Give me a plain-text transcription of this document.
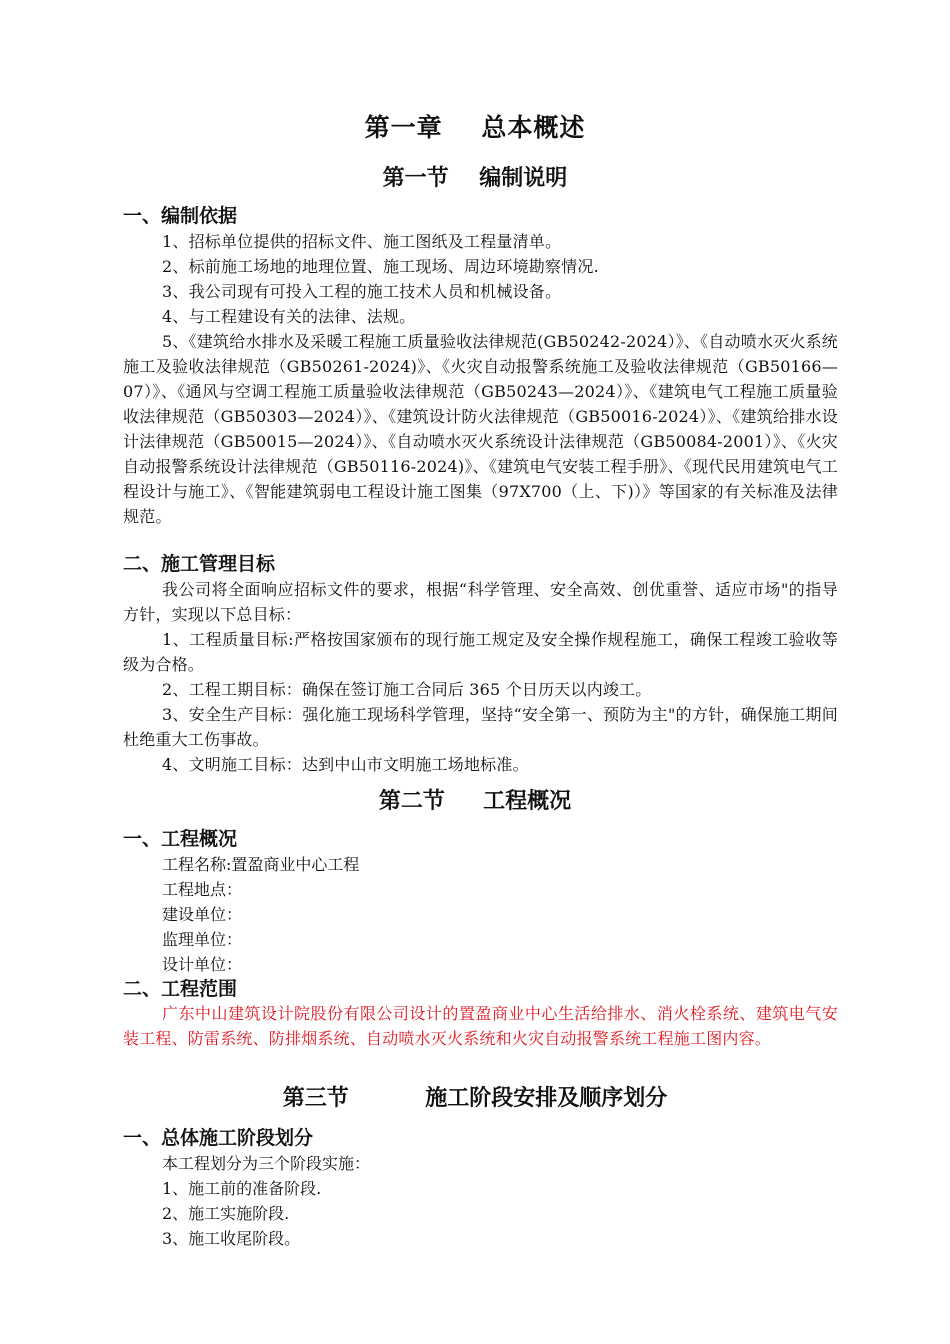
第一章    总本概述
第一节    编制说明
一、编制依据
1、招标单位提供的招标文件、施工图纸及工程量清单。
2、标前施工场地的地理位置、施工现场、周边环境勘察情况.
3、我公司现有可投入工程的施工技术人员和机械设备。
4、与工程建设有关的法律、法规。
5、《建筑给水排水及采暖工程施工质量验收法律规范(GB50242-2024）》、《自动喷水灭火系统施工及验收法律规范（GB50261-2024)》、《火灾自动报警系统施工及验收法律规范（GB50166—07）》、《通风与空调工程施工质量验收法律规范（GB50243—2024）》、《建筑电气工程施工质量验收法律规范（GB50303—2024）》、《建筑设计防火法律规范（GB50016-2024）》、《建筑给排水设计法律规范（GB50015—2024）》、《自动喷水灭火系统设计法律规范（GB50084-2001）》、《火灾自动报警系统设计法律规范（GB50116-2024)》、《建筑电气安装工程手册》、《现代民用建筑电气工程设计与施工》、《智能建筑弱电工程设计施工图集（97X700（上、下)）》等国家的有关标准及法律规范。
二、施工管理目标
我公司将全面响应招标文件的要求，根据“科学管理、安全高效、创优重誉、适应市场"的指导方针，实现以下总目标：
1、工程质量目标:严格按国家颁布的现行施工规定及安全操作规程施工，确保工程竣工验收等级为合格。
2、工程工期目标：确保在签订施工合同后 365 个日历天以内竣工。
3、安全生产目标：强化施工现场科学管理，坚持“安全第一、预防为主"的方针，确保施工期间杜绝重大工伤事故。
4、文明施工目标：达到中山市文明施工场地标准。
第二节     工程概况
一、工程概况
工程名称:置盈商业中心工程
工程地点：
建设单位：
监理单位：
设计单位：
二、工程范围
广东中山建筑设计院股份有限公司设计的置盈商业中心生活给排水、消火栓系统、建筑电气安装工程、防雷系统、防排烟系统、自动喷水灭火系统和火灾自动报警系统工程施工图内容。
第三节          施工阶段安排及顺序划分
一、总体施工阶段划分
本工程划分为三个阶段实施：
1、施工前的准备阶段.
2、施工实施阶段.
3、施工收尾阶段。
